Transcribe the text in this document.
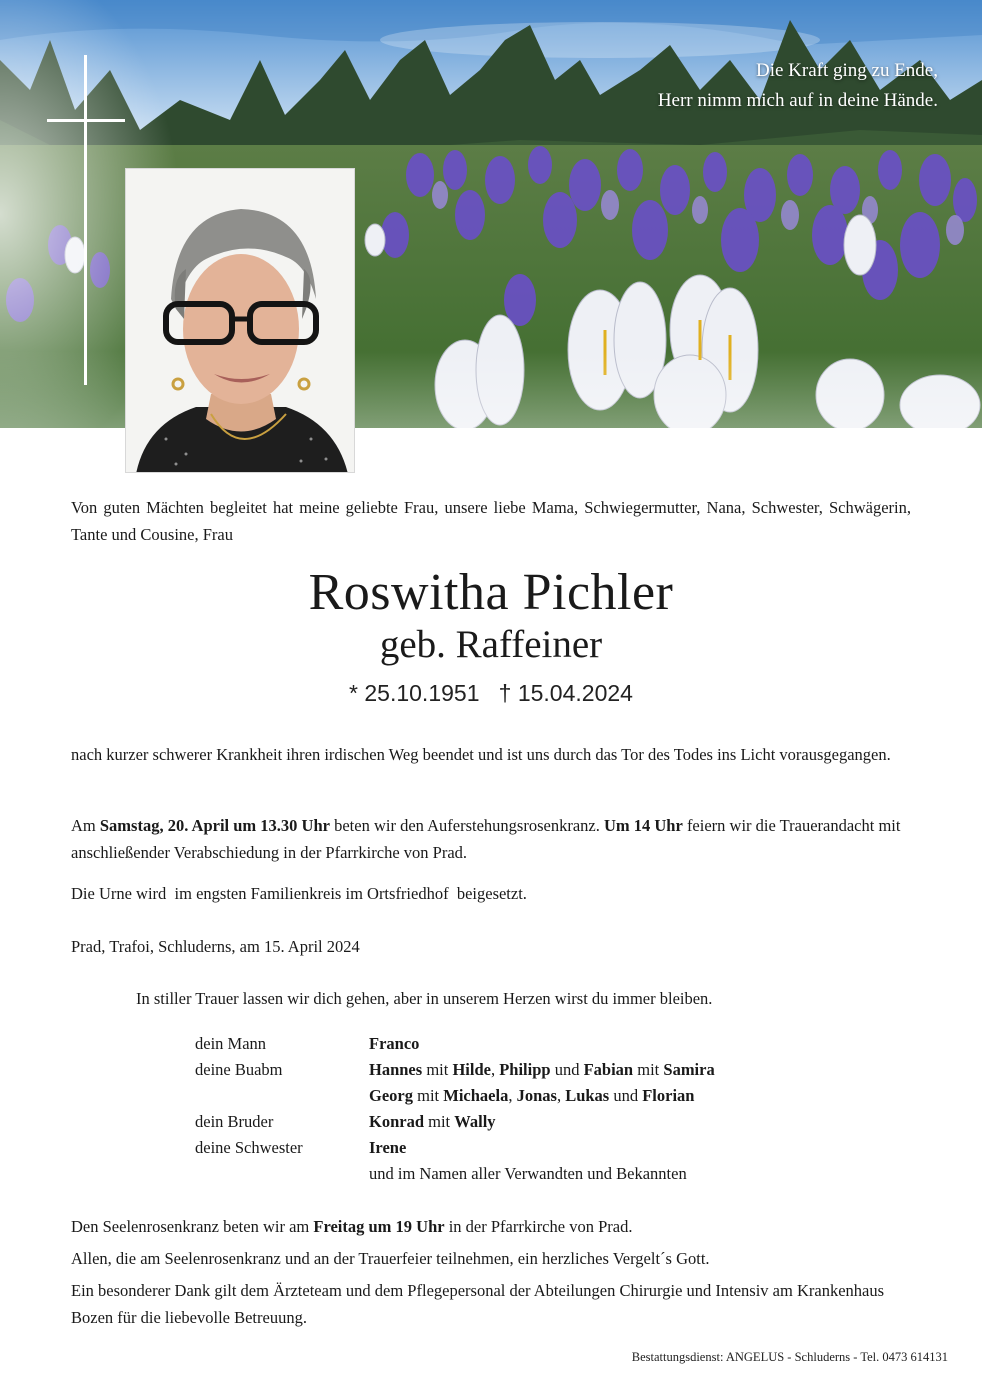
Die Kraft ging zu Ende,
Herr nimm mich auf in deine Hände.
Von guten Mächten begleitet hat meine geliebte Frau, unsere liebe Mama, Schwiegermutter, Nana, Schwester, Schwägerin, Tante und Cousine, Frau
Roswitha Pichler
geb. Raffeiner
* 25.10.1951   † 15.04.2024
nach kurzer schwerer Krankheit ihren irdischen Weg beendet und ist uns durch das Tor des Todes ins Licht vorausgegangen.
Am Samstag, 20. April um 13.30 Uhr beten wir den Auferstehungsrosenkranz. Um 14 Uhr feiern wir die Trauerandacht mit anschließender Verabschiedung in der Pfarrkirche von Prad.
Die Urne wird  im engsten Familienkreis im Ortsfriedhof  beigesetzt.
Prad, Trafoi, Schluderns, am 15. April 2024
In stiller Trauer lassen wir dich gehen, aber in unserem Herzen wirst du immer bleiben.
dein Mann	Franco
deine Buabm	Hannes mit Hilde, Philipp und Fabian mit Samira
Georg mit Michaela, Jonas, Lukas und Florian
dein Bruder	Konrad mit Wally
deine Schwester	Irene
und im Namen aller Verwandten und Bekannten
Den Seelenrosenkranz beten wir am Freitag um 19 Uhr in der Pfarrkirche von Prad.
Allen, die am Seelenrosenkranz und an der Trauerfeier teilnehmen, ein herzliches Vergelt´s Gott.
Ein besonderer Dank gilt dem Ärzteteam und dem Pflegepersonal der Abteilungen Chirurgie und Intensiv am Krankenhaus Bozen für die liebevolle Betreuung.
Bestattungsdienst: ANGELUS - Schluderns - Tel. 0473 614131
